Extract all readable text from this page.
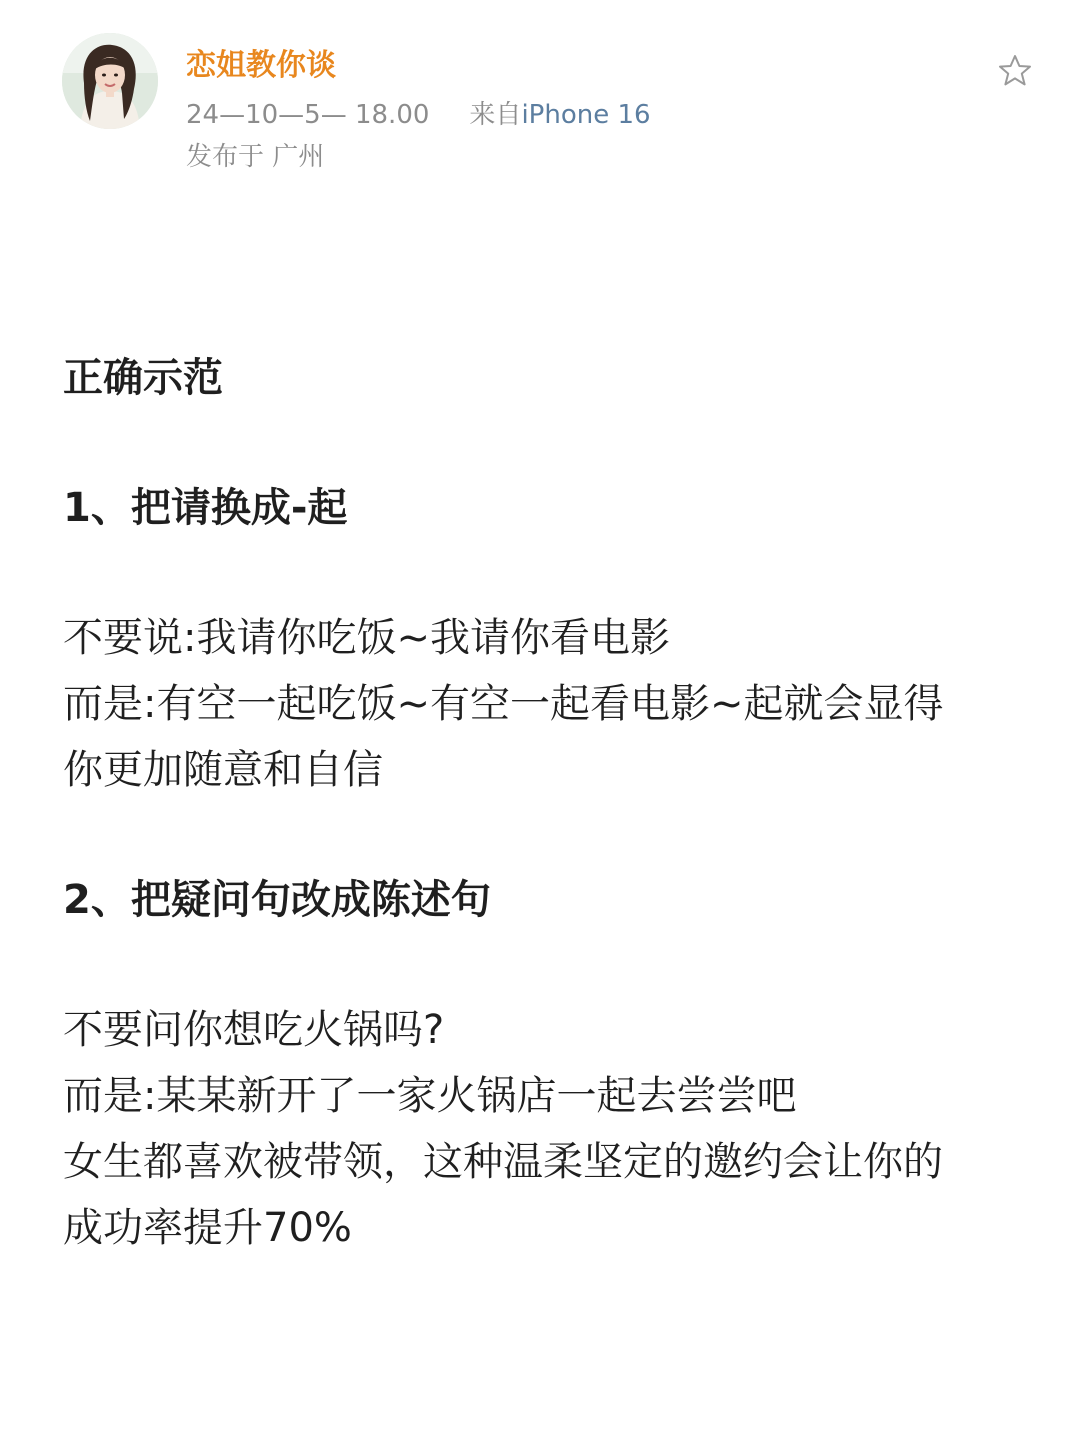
恋姐教你谈
24—10—5— 18.00 来自iPhone 16
发布于 广州

正确示范

1、把请换成-起

不要说:我请你吃饭~我请你看电影

而是:有空一起吃饭~有空一起看电影~起就会显得

你更加随意和自信

2、把疑问句改成陈述句

不要问你想吃火锅吗?

而是:某某新开了一家火锅店一起去尝尝吧

女生都喜欢被带领，这种温柔坚定的邀约会让你的

成功率提升70%
